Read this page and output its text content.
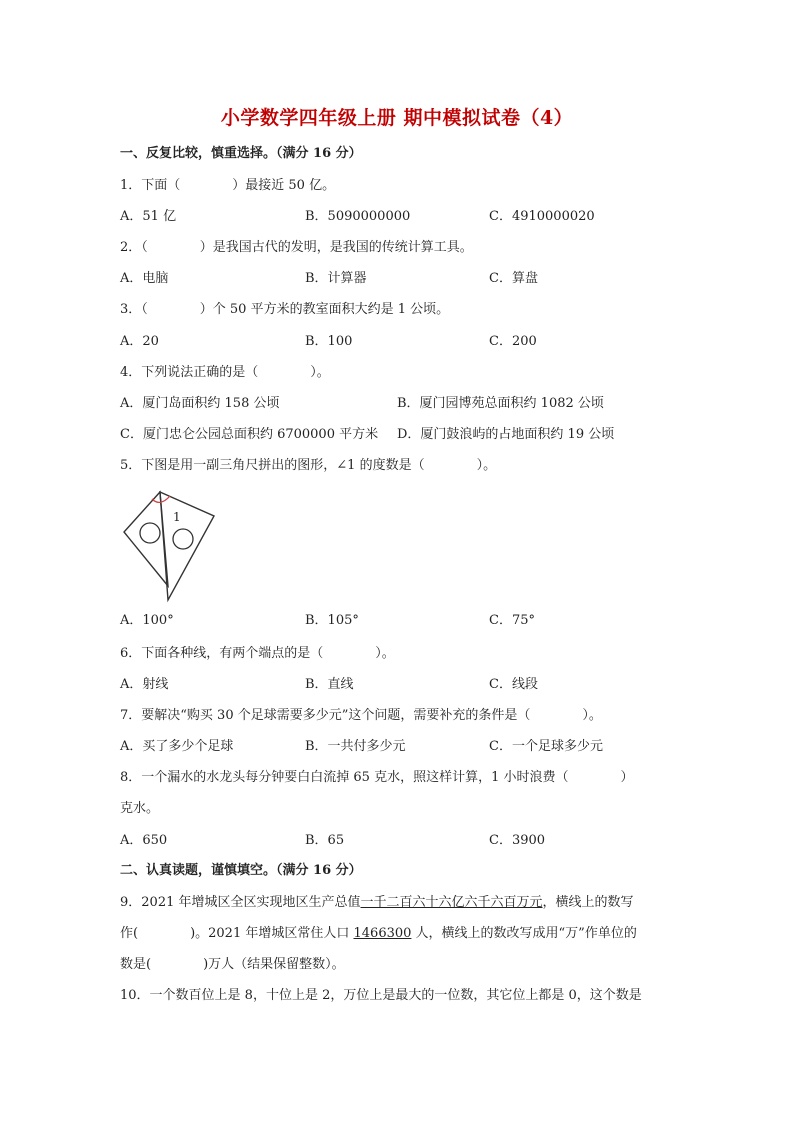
小学数学四年级上册 期中模拟试卷（4）
一、反复比较，慎重选择。（满分 16 分）
1．下面（　　　　）最接近 50 亿。
A．51 亿	B．5090000000	C．4910000020
2．（　　　　）是我国古代的发明，是我国的传统计算工具。
A．电脑	B．计算器	C．算盘
3．（　　　　）个 50 平方米的教室面积大约是 1 公顷。
A．20	B．100	C．200
4．下列说法正确的是（　　　　）。
A．厦门岛面积约 158 公顷	B．厦门园博苑总面积约 1082 公顷
C．厦门忠仑公园总面积约 6700000 平方米 D．厦门鼓浪屿的占地面积约 19 公顷
5．下图是用一副三角尺拼出的图形，∠1 的度数是（　　　　）。
1
A．100°	B．105°	C．75°
6．下面各种线，有两个端点的是（　　　　）。
A．射线	B．直线	C．线段
7．要解决“购买 30 个足球需要多少元”这个问题，需要补充的条件是（　　　　）。
A．买了多少个足球	B．一共付多少元	C．一个足球多少元
8．一个漏水的水龙头每分钟要白白流掉 65 克水，照这样计算，1 小时浪费（　　　　）
克水。
A．650	B．65	C．3900
二、认真读题，谨慎填空。（满分 16 分）
9．2021 年增城区全区实现地区生产总值一千二百六十六亿六千六百万元，横线上的数写
作(　　　　)。2021 年增城区常住人口 1466300 人，横线上的数改写成用“万”作单位的
数是(　　　　)万人（结果保留整数）。
10．一个数百位上是 8，十位上是 2，万位上是最大的一位数，其它位上都是 0，这个数是
